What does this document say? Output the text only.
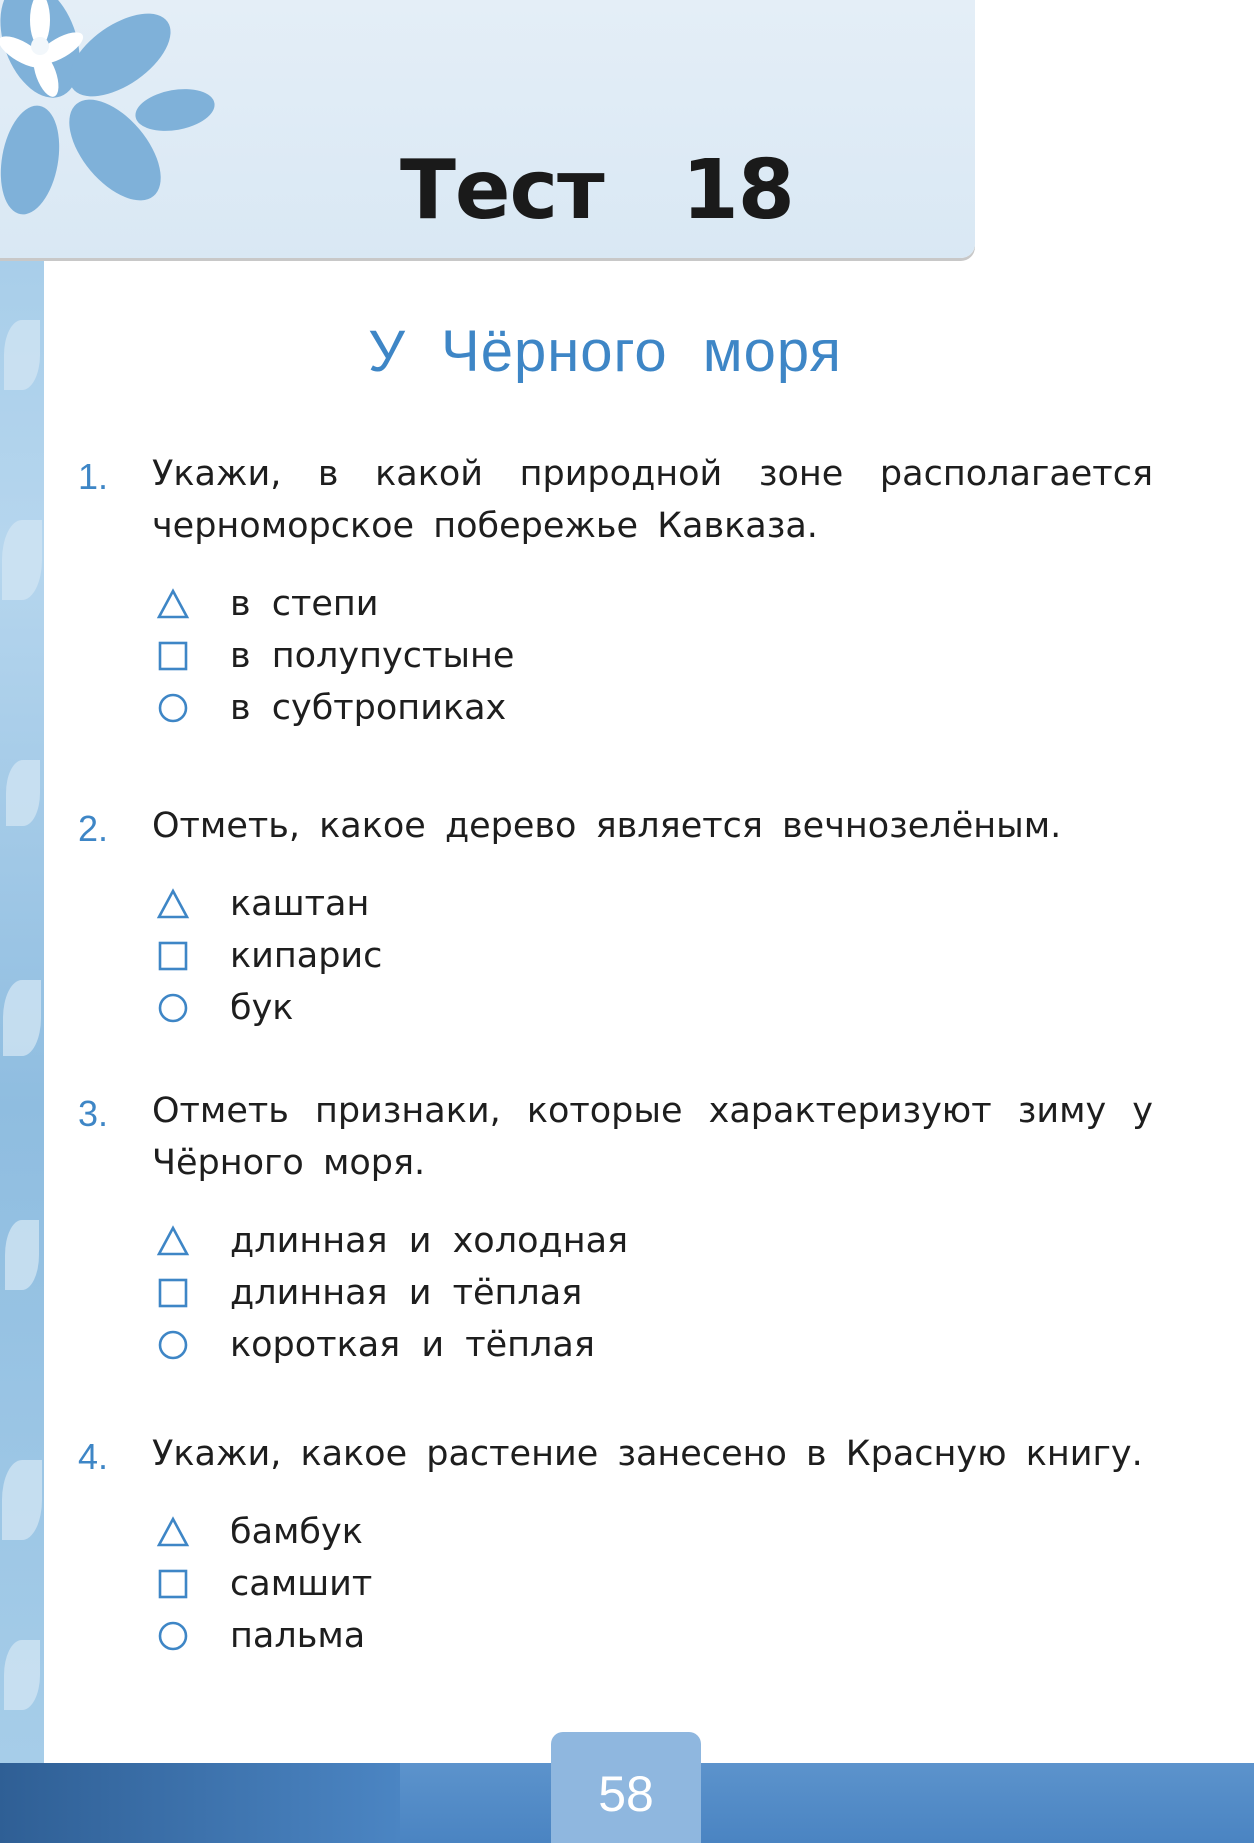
Тест 18
У Чёрного моря
1. Укажи, в какой природной зоне располагается черноморское побережье Кавказа.
в степи
в полупустыне
в субтропиках
2. Отметь, какое дерево является вечнозелёным.
каштан
кипарис
бук
3. Отметь признаки, которые характеризуют зиму у Чёрного моря.
длинная и холодная
длинная и тёплая
короткая и тёплая
4. Укажи, какое растение занесено в Красную книгу.
бамбук
самшит
пальма
58
